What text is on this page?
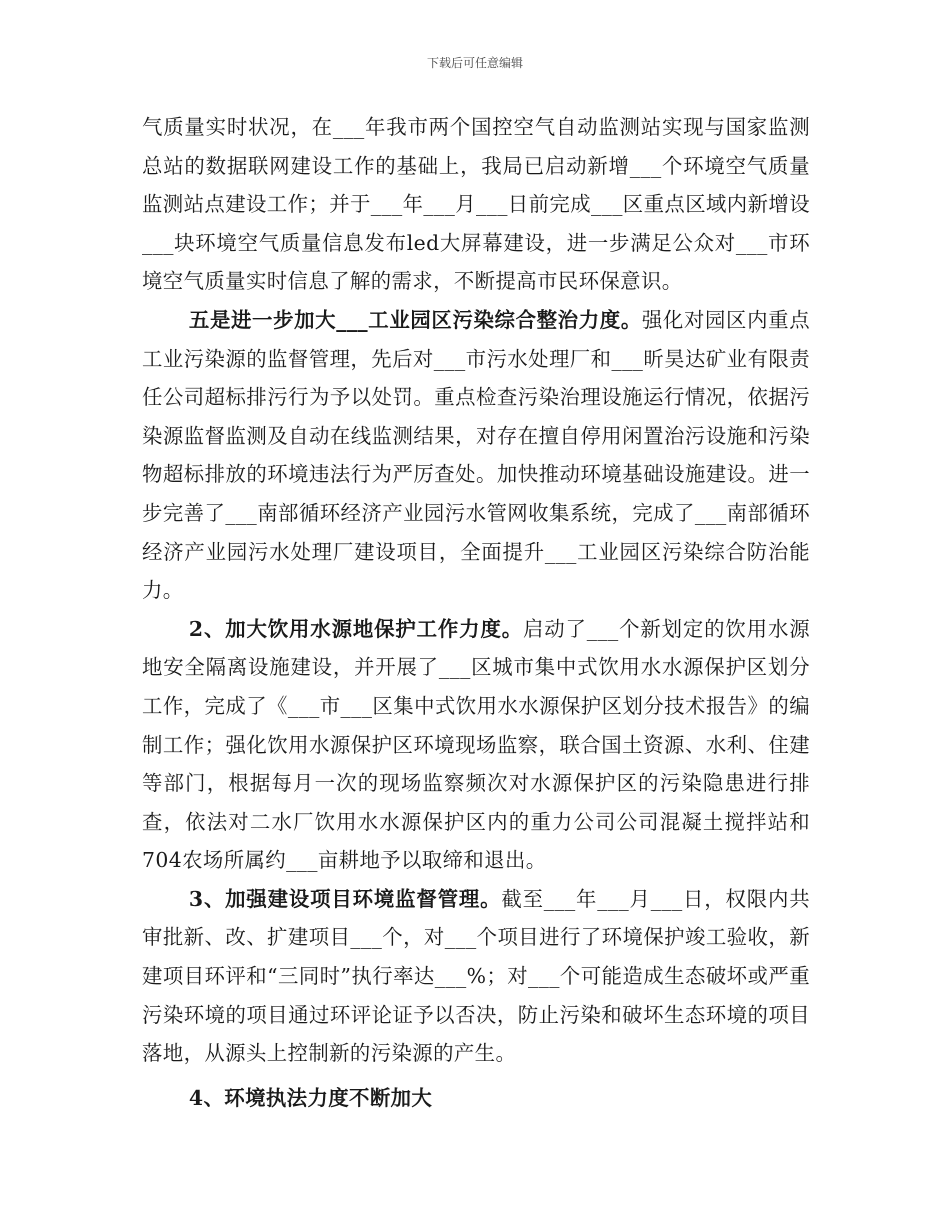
下载后可任意编辑

气质量实时状况，在___年我市两个国控空气自动监测站实现与国家监测总站的数据联网建设工作的基础上，我局已启动新增___个环境空气质量监测站点建设工作；并于___年___月___日前完成___区重点区域内新增设___块环境空气质量信息发布led大屏幕建设，进一步满足公众对___市环境空气质量实时信息了解的需求，不断提高市民环保意识。

五是进一步加大___工业园区污染综合整治力度。强化对园区内重点工业污染源的监督管理，先后对___市污水处理厂和___昕昊达矿业有限责任公司超标排污行为予以处罚。重点检查污染治理设施运行情况，依据污染源监督监测及自动在线监测结果，对存在擅自停用闲置治污设施和污染物超标排放的环境违法行为严厉查处。加快推动环境基础设施建设。进一步完善了___南部循环经济产业园污水管网收集系统，完成了___南部循环经济产业园污水处理厂建设项目，全面提升___工业园区污染综合防治能力。

2、加大饮用水源地保护工作力度。启动了___个新划定的饮用水源地安全隔离设施建设，并开展了___区城市集中式饮用水水源保护区划分工作，完成了《___市___区集中式饮用水水源保护区划分技术报告》的编制工作；强化饮用水源保护区环境现场监察，联合国土资源、水利、住建等部门，根据每月一次的现场监察频次对水源保护区的污染隐患进行排查，依法对二水厂饮用水水源保护区内的重力公司公司混凝土搅拌站和704农场所属约___亩耕地予以取缔和退出。

3、加强建设项目环境监督管理。截至___年___月___日，权限内共审批新、改、扩建项目___个，对___个项目进行了环境保护竣工验收，新建项目环评和“三同时”执行率达___%；对___个可能造成生态破坏或严重污染环境的项目通过环评论证予以否决，防止污染和破坏生态环境的项目落地，从源头上控制新的污染源的产生。

4、环境执法力度不断加大
